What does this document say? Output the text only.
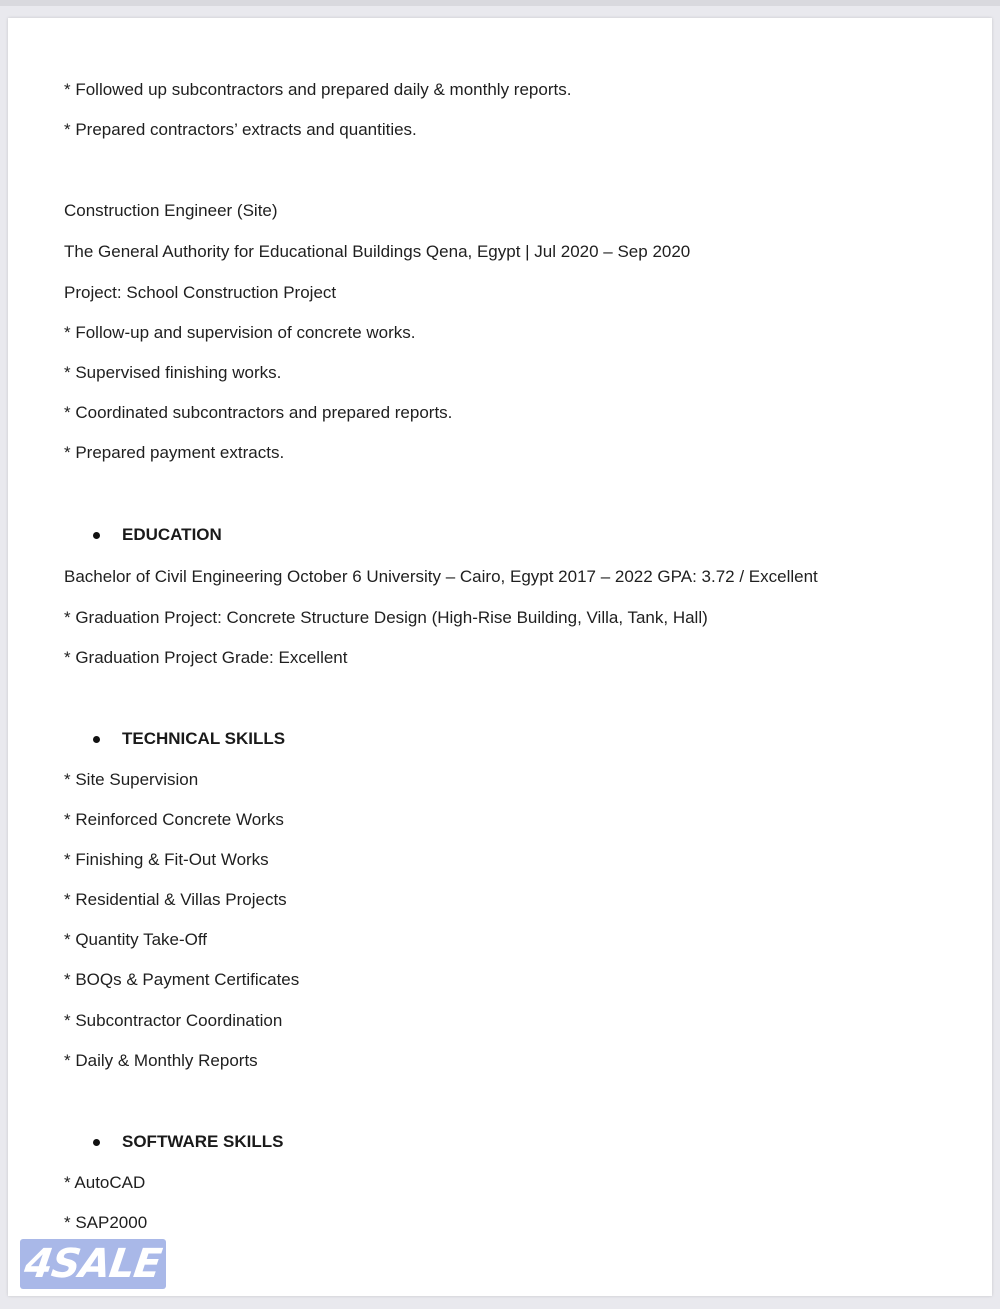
* Followed up subcontractors and prepared daily & monthly reports.
* Prepared contractors’ extracts and quantities.
Construction Engineer (Site)
The General Authority for Educational Buildings Qena, Egypt | Jul 2020 – Sep 2020
Project: School Construction Project
* Follow-up and supervision of concrete works.
* Supervised finishing works.
* Coordinated subcontractors and prepared reports.
* Prepared payment extracts.
EDUCATION
Bachelor of Civil Engineering October 6 University – Cairo, Egypt 2017 – 2022 GPA: 3.72 / Excellent
* Graduation Project: Concrete Structure Design (High-Rise Building, Villa, Tank, Hall)
* Graduation Project Grade: Excellent
TECHNICAL SKILLS
* Site Supervision
* Reinforced Concrete Works
* Finishing & Fit-Out Works
* Residential & Villas Projects
* Quantity Take-Off
* BOQs & Payment Certificates
* Subcontractor Coordination
* Daily & Monthly Reports
SOFTWARE SKILLS
* AutoCAD
* SAP2000
4SALE
